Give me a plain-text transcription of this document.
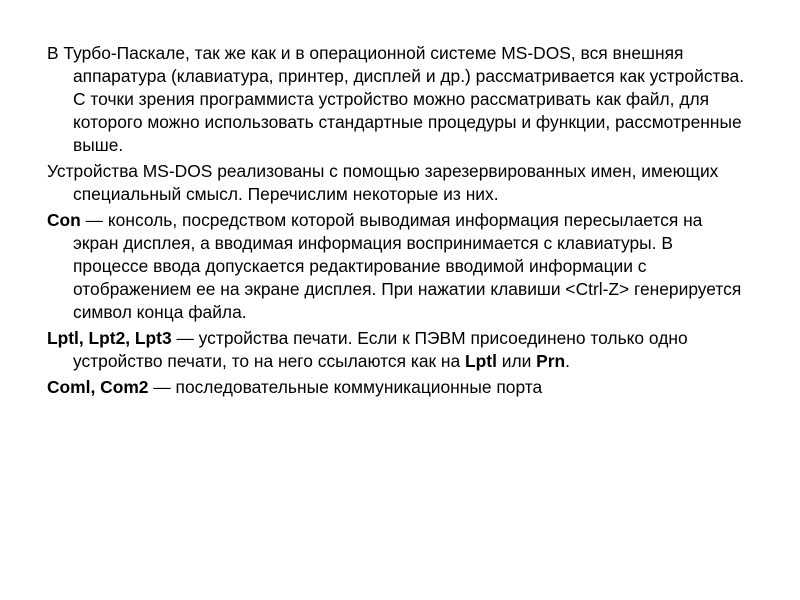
В Турбо-Паскале, так же как и в операционной системе MS-DOS, вся внешняя аппаратура (клавиатура, принтер, дисплей и др.) рассматривается как устройства. С точки зрения программиста устройство можно рассматривать как файл, для которого можно использовать стандартные процедуры и функции, рассмотренные выше.

Устройства MS-DOS реализованы с помощью зарезервированных имен, имеющих специальный смысл. Перечислим некоторые из них.

Con — консоль, посредством которой выводимая информация пересылается на экран дисплея, а вводимая информация воспринимается с клавиатуры. В процессе ввода допускается редактирование вводимой информации с отображением ее на экране дисплея. При нажатии клавиши <Ctrl-Z> генерируется символ конца файла.

Lptl, Lpt2, Lpt3 — устройства печати. Если к ПЭВМ присоединено только одно устройство печати, то на него ссылаются как на Lptl или Prn.

Coml, Com2 — последовательные коммуникационные порта
